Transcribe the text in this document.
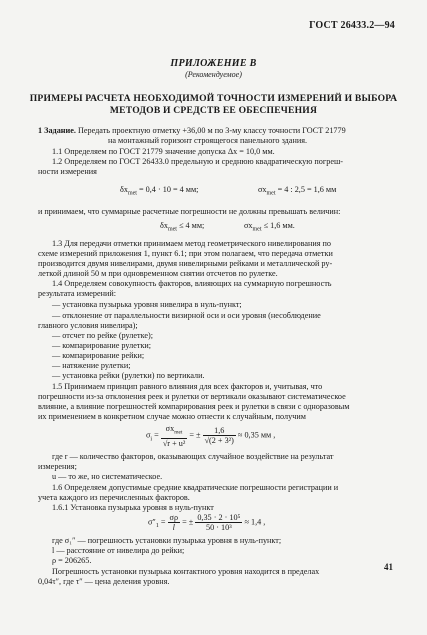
ГОСТ 26433.2—94
ПРИЛОЖЕНИЕ В
(Рекомендуемое)
ПРИМЕРЫ РАСЧЕТА НЕОБХОДИМОЙ ТОЧНОСТИ ИЗМЕРЕНИЙ И ВЫБОРА
МЕТОДОВ И СРЕДСТВ ЕЕ ОБЕСПЕЧЕНИЯ
1 Задание. Передать проектную отметку +36,00 м по 3-му классу точности ГОСТ 21779
на монтажный горизонт строящегося панельного здания.
1.1 Определяем по ГОСТ 21779 значение допуска Δx = 10,0 мм.
1.2 Определяем по ГОСТ 26433.0 предельную и среднюю квадратическую погреш-
ности измерения
$\delta x_{met} = 0,4 \cdot 10 = 4$ мм;	$\sigma x_{met} = 4$ : 2,5 = 1,6 мм
и принимаем, что суммарные расчетные погрешности не должны превышать величин:
$\delta x_{met} \le 4$ мм;	$\sigma x_{met} \le 1,6$ мм.
1.3 Для передачи отметки принимаем метод геометрического нивелирования по
схеме измерений приложения 1, пункт 6.1; при этом полагаем, что передача отметки
производится двумя нивелирами, двумя нивелирными рейками и металлической ру-
леткой длиной 50 м при одновременном снятии отсчетов по рулетке.
1.4 Определяем совокупность факторов, влияющих на суммарную погрешность
результата измерений:
— установка пузырька уровня нивелира в нуль-пункт;
— отклонение от параллельности визирной оси и оси уровня (несоблюдение
главного условия нивелира);
— отсчет по рейке (рулетке);
— компарирование рулетки;
— компарирование рейки;
— натяжение рулетки;
— установка рейки (рулетки) по вертикали.
1.5 Принимаем принцип равного влияния для всех факторов и, учитывая, что
погрешности из-за отклонения реек и рулетки от вертикали оказывают систематическое
влияние, а влияние погрешностей компарирования реек и рулетки в связи с одноразовым
их применением в конкретном случае можно отнести к случайным, получим
$\sigma_i = \frac{\sigma x_{met}}{\text{√r + u²}}$ = ± $\frac{1,6}{\text{√(2 + 3²)}} \approx 0,35$ мм ,
где r — количество факторов, оказывающих случайное воздействие на результат
измерения;
u — то же, но систематическое.
1.6 Определяем допустимые средние квадратические погрешности регистрации и
учета каждого из перечисленных факторов.
1.6.1 Установка пузырька уровня в нуль-пункт
$\sigma''_1 = \frac{\sigma\rho}{l}$ = ± $\frac{\text{0,35 · 2 · 10⁵}}{\text{50 · 10³}} \approx 1,4$ ,
где σ₁″ — погрешность установки пузырька уровня в нуль-пункт;
l — расстояние от нивелира до рейки;
ρ = 206265.
Погрешность установки пузырька контактного уровня находится в пределах
0,04τ″, где τ″ — цена деления уровня.
41
